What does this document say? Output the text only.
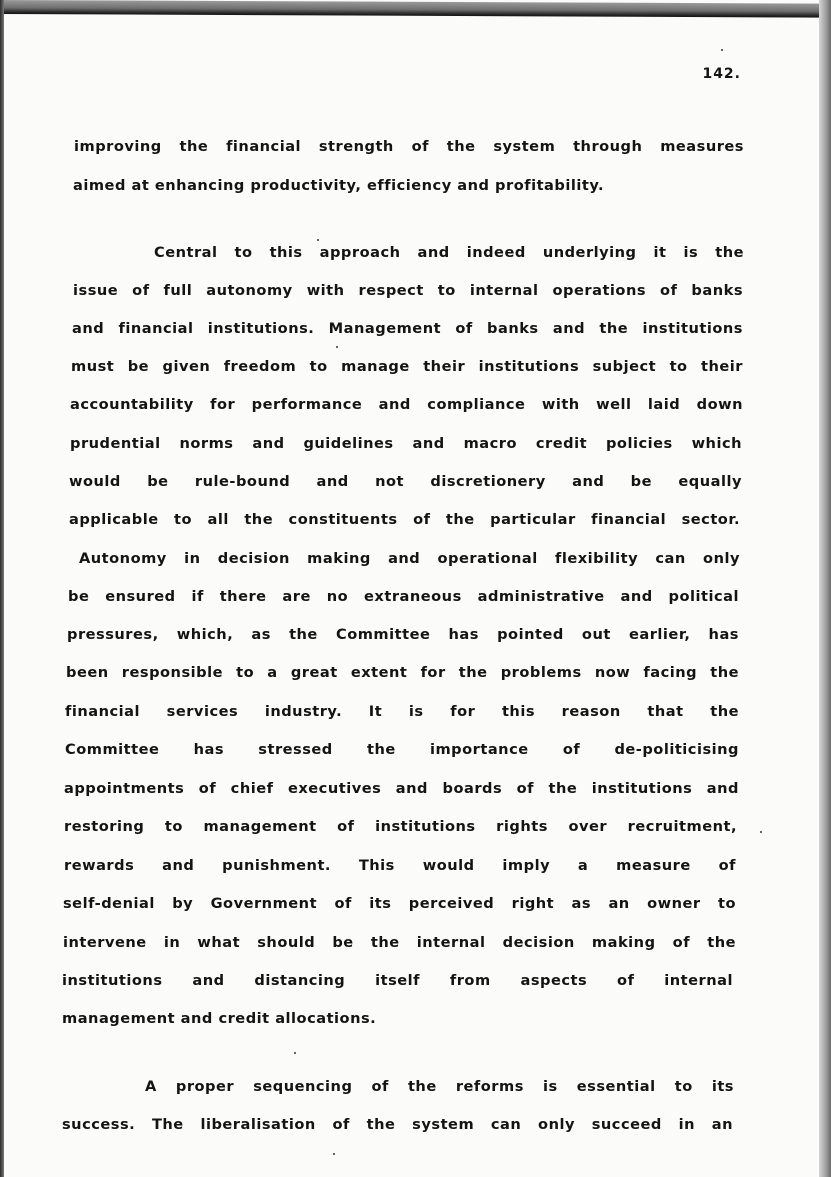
142.
improving the financial strength of the system through measures
aimed at enhancing productivity, efficiency and profitability.
Central to this approach and indeed underlying it is the
issue of full autonomy with respect to internal operations of banks
and financial institutions. Management of banks and the institutions
must be given freedom to manage their institutions subject to their
accountability for performance and compliance with well laid down
prudential norms and guidelines and macro credit policies which
would be rule-bound and not discretionery and be equally
applicable to all the constituents of the particular financial sector.
Autonomy in decision making and operational flexibility can only
be ensured if there are no extraneous administrative and political
pressures, which, as the Committee has pointed out earlier, has
been responsible to a great extent for the problems now facing the
financial services industry. It is for this reason that the
Committee has stressed the importance of de-politicising
appointments of chief executives and boards of the institutions and
restoring to management of institutions rights over recruitment,
rewards and punishment. This would imply a measure of
self-denial by Government of its perceived right as an owner to
intervene in what should be the internal decision making of the
institutions and distancing itself from aspects of internal
management and credit allocations.
A proper sequencing of the reforms is essential to its
success. The liberalisation of the system can only succeed in an
